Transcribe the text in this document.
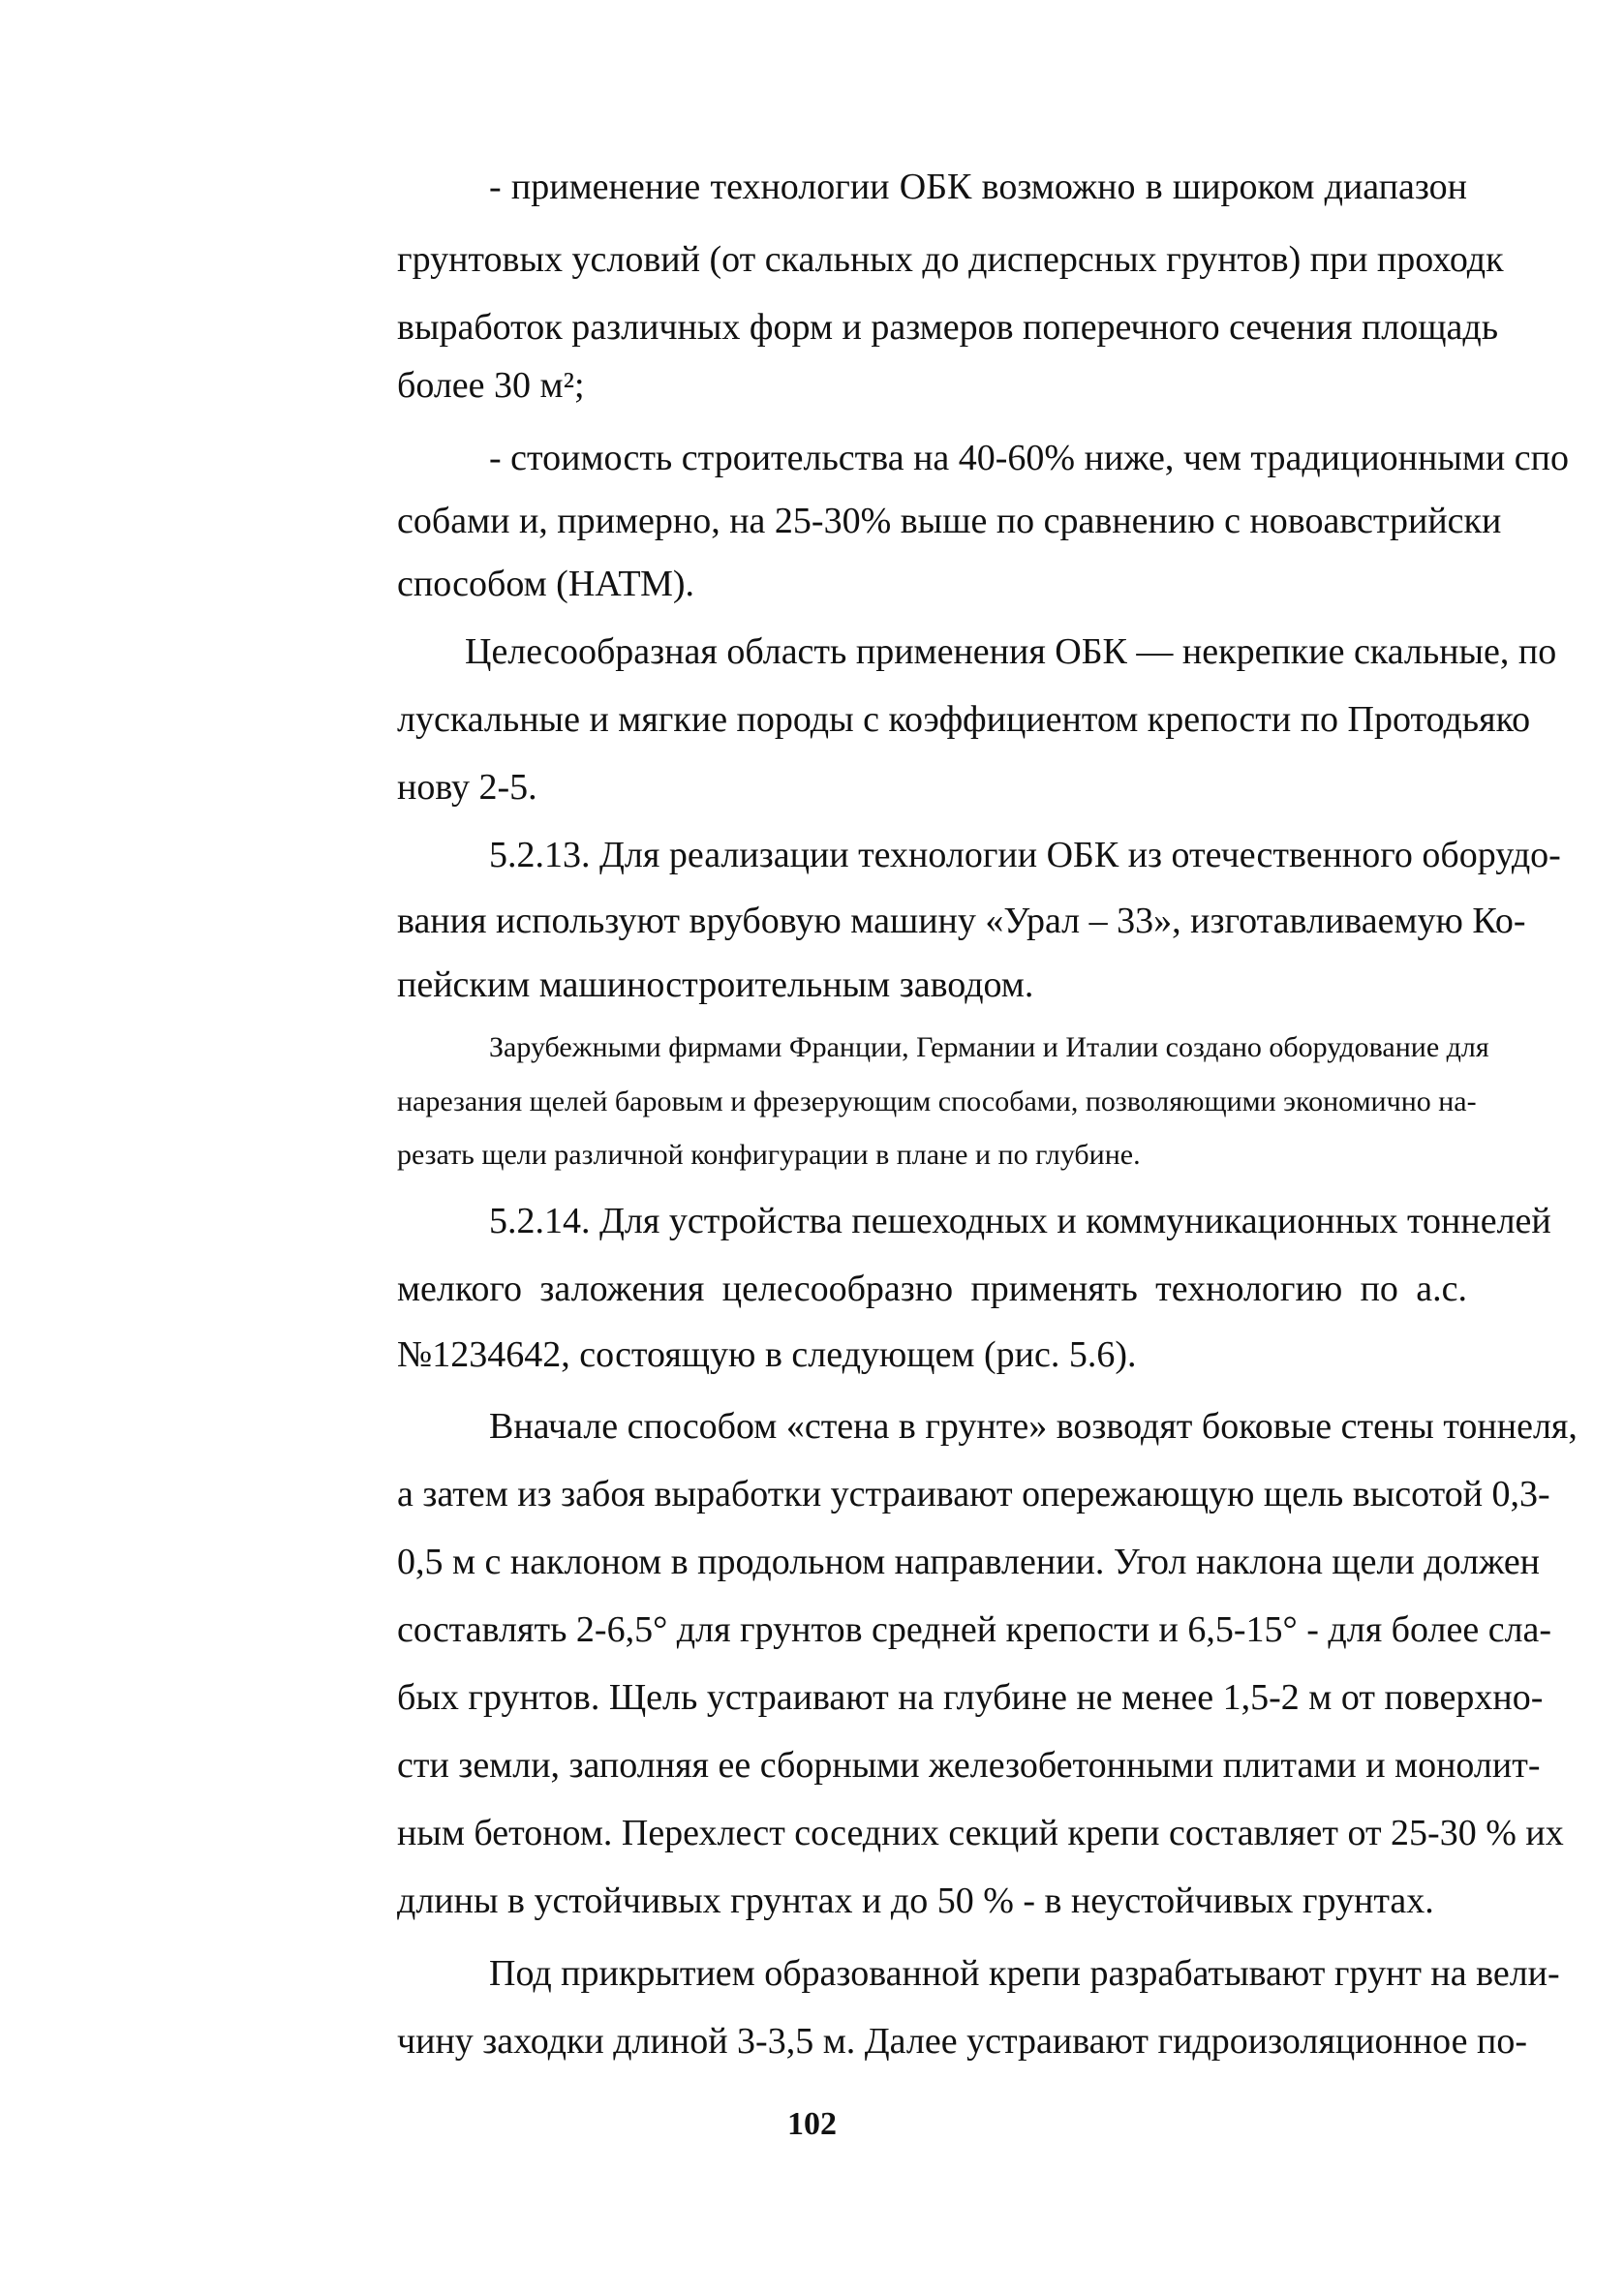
- применение технологии ОБК возможно в широком диапазон
грунтовых условий (от скальных до дисперсных грунтов) при проходк
выработок различных форм и размеров поперечного сечения площадь
более 30 м²;
- стоимость строительства на 40-60% ниже, чем традиционными спо
собами и, примерно, на 25-30% выше по сравнению с новоавстрийски
способом (НАТМ).
Целесообразная область применения ОБК — некрепкие скальные, по
лускальные и мягкие породы с коэффициентом крепости по Протодьяко
нову 2-5.
5.2.13. Для реализации технологии ОБК из отечественного оборудо-
вания используют врубовую машину «Урал – 33», изготавливаемую Ко-
пейским машиностроительным заводом.
Зарубежными фирмами Франции, Германии и Италии создано оборудование для
нарезания щелей баровым и фрезерующим способами, позволяющими экономично на-
резать щели различной конфигурации в плане и по глубине.
5.2.14. Для устройства пешеходных и коммуникационных тоннелей
мелкого заложения целесообразно применять технологию по а.с.
№1234642, состоящую в следующем (рис. 5.6).
Вначале способом «стена в грунте» возводят боковые стены тоннеля,
а затем из забоя выработки устраивают опережающую щель высотой 0,3-
0,5 м с наклоном в продольном направлении. Угол наклона щели должен
составлять 2-6,5° для грунтов средней крепости и 6,5-15° - для более сла-
бых грунтов. Щель устраивают на глубине не менее 1,5-2 м от поверхно-
сти земли, заполняя ее сборными железобетонными плитами и монолит-
ным бетоном. Перехлест соседних секций крепи составляет от 25-30 % их
длины в устойчивых грунтах и до 50 % - в неустойчивых грунтах.
Под прикрытием образованной крепи разрабатывают грунт на вели-
чину заходки длиной 3-3,5 м. Далее устраивают гидроизоляционное по-
102
